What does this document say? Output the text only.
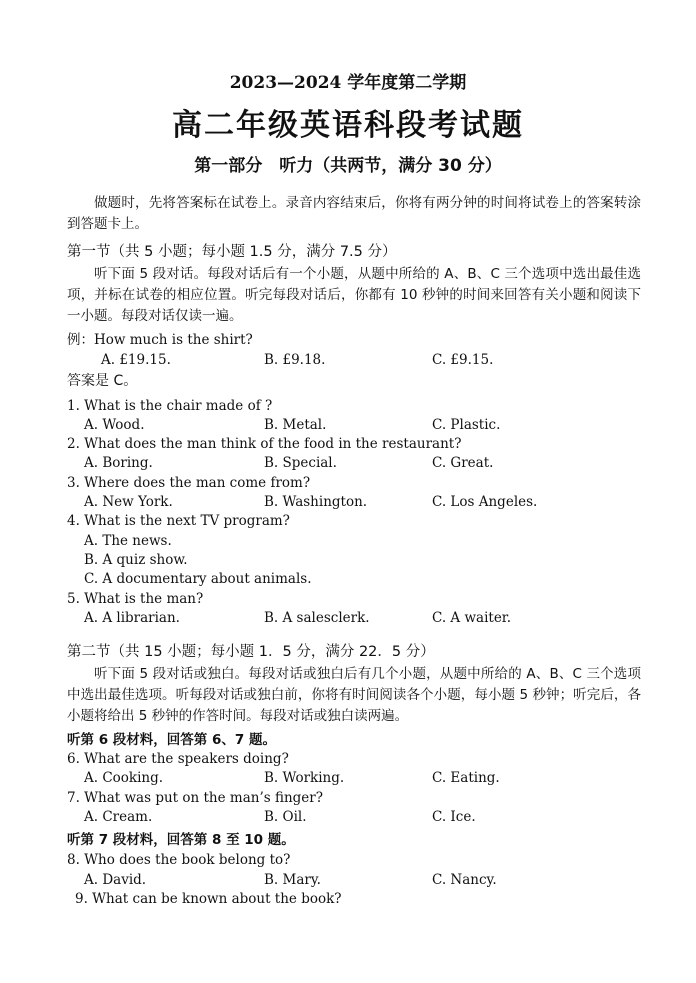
2023—2024 学年度第二学期
高二年级英语科段考试题
第一部分　听力（共两节，满分 30 分）
做题时，先将答案标在试卷上。录音内容结束后，你将有两分钟的时间将试卷上的答案转涂到答题卡上。
第一节（共 5 小题；每小题 1.5 分，满分 7.5 分）
听下面 5 段对话。每段对话后有一个小题，从题中所给的 A、B、C 三个选项中选出最佳选项，并标在试卷的相应位置。听完每段对话后，你都有 10 秒钟的时间来回答有关小题和阅读下一小题。每段对话仅读一遍。
例：How much is the shirt?
A. £19.15.	B. £9.18.	C. £9.15.
答案是 C。
1. What is the chair made of ?
A. Wood.	B. Metal.	C. Plastic.
2. What does the man think of the food in the restaurant?
A. Boring.	B. Special.	C. Great.
3. Where does the man come from?
A. New York.	B. Washington.	C. Los Angeles.
4. What is the next TV program?
A. The news.
B. A quiz show.
C. A documentary about animals.
5. What is the man?
A. A librarian.	B. A salesclerk.	C. A waiter.
第二节（共 15 小题；每小题 1．5 分，满分 22．5 分）
听下面 5 段对话或独白。每段对话或独白后有几个小题，从题中所给的 A、B、C 三个选项中选出最佳选项。听每段对话或独白前，你将有时间阅读各个小题，每小题 5 秒钟；听完后，各小题将给出 5 秒钟的作答时间。每段对话或独白读两遍。
听第 6 段材料，回答第 6、7 题。
6. What are the speakers doing?
A. Cooking.	B. Working.	C. Eating.
7. What was put on the man’s finger?
A. Cream.	B. Oil.	C. Ice.
听第 7 段材料，回答第 8 至 10 题。
8. Who does the book belong to?
A. David.	B. Mary.	C. Nancy.
9. What can be known about the book?
